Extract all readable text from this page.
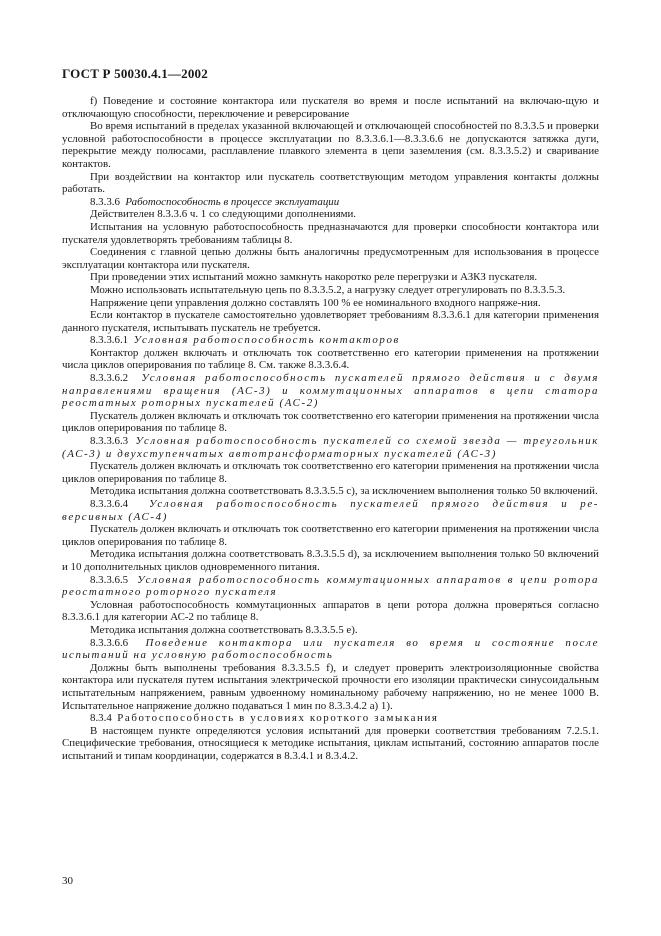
ГОСТ Р 50030.4.1—2002

f) Поведение и состояние контактора или пускателя во время и после испытаний на включаю-щую и отключающую способности, переключение и реверсирование

Во время испытаний в пределах указанной включающей и отключающей способностей по 8.3.3.5 и проверки условной работоспособности в процессе эксплуатации по 8.3.3.6.1—8.3.3.6.6 не допускаются затяжка дуги, перекрытие между полюсами, расплавление плавкого элемента в цепи заземления (см. 8.3.3.5.2) и сваривание контактов.

При воздействии на контактор или пускатель соответствующим методом управления контакты должны работать.

8.3.3.6 Работоспособность в процессе эксплуатации

Действителен 8.3.3.6 ч. 1 со следующими дополнениями.

Испытания на условную работоспособность предназначаются для проверки способности контактора или пускателя удовлетворять требованиям таблицы 8.

Соединения с главной цепью должны быть аналогичны предусмотренным для использования в процессе эксплуатации контактора или пускателя.

При проведении этих испытаний можно замкнуть накоротко реле перегрузки и АЗКЗ пускателя.

Можно использовать испытательную цепь по 8.3.3.5.2, а нагрузку следует отрегулировать по 8.3.3.5.3.

Напряжение цепи управления должно составлять 100 % ее номинального входного напряже-ния.

Если контактор в пускателе самостоятельно удовлетворяет требованиям 8.3.3.6.1 для категории применения данного пускателя, испытывать пускатель не требуется.

8.3.3.6.1 Условная работоспособность контакторов

Контактор должен включать и отключать ток соответственно его категории применения на протяжении числа циклов оперирования по таблице 8. См. также 8.3.3.6.4.

8.3.3.6.2 Условная работоспособность пускателей прямого действия и с двумя направлениями вращения (АС-3) и коммутационных аппаратов в цепи статора реостатных роторных пускателей (АС-2)

Пускатель должен включать и отключать ток соответственно его категории применения на протяжении числа циклов оперирования по таблице 8.

8.3.3.6.3 Условная работоспособность пускателей со схемой звезда — треугольник (АС-3) и двухступенчатых автотрансформаторных пускателей (АС-3)

Пускатель должен включать и отключать ток соответственно его категории применения на протяжении числа циклов оперирования по таблице 8.

Методика испытания должна соответствовать 8.3.3.5.5 с), за исключением выполнения только 50 включений.

8.3.3.6.4 Условная работоспособность пускателей прямого действия и ре-версивных (АС-4)

Пускатель должен включать и отключать ток соответственно его категории применения на протяжении числа циклов оперирования по таблице 8.

Методика испытания должна соответствовать 8.3.3.5.5 d), за исключением выполнения только 50 включений и 10 дополнительных циклов одновременного питания.

8.3.3.6.5 Условная работоспособность коммутационных аппаратов в цепи ротора реостатного роторного пускателя

Условная работоспособность коммутационных аппаратов в цепи ротора должна проверяться согласно 8.3.3.6.1 для категории АС-2 по таблице 8.

Методика испытания должна соответствовать 8.3.3.5.5 е).

8.3.3.6.6 Поведение контактора или пускателя во время и состояние после испытаний на условную работоспособность

Должны быть выполнены требования 8.3.3.5.5 f), и следует проверить электроизоляционные свойства контактора или пускателя путем испытания электрической прочности его изоляции практически синусоидальным испытательным напряжением, равным удвоенному номинальному рабочему напряжению, но не менее 1000 В. Испытательное напряжение должно подаваться 1 мин по 8.3.3.4.2 а) 1).

8.3.4 Работоспособность в условиях короткого замыкания

В настоящем пункте определяются условия испытаний для проверки соответствия требованиям 7.2.5.1. Специфические требования, относящиеся к методике испытания, циклам испытаний, состоянию аппаратов после испытаний и типам координации, содержатся в 8.3.4.1 и 8.3.4.2.

30
